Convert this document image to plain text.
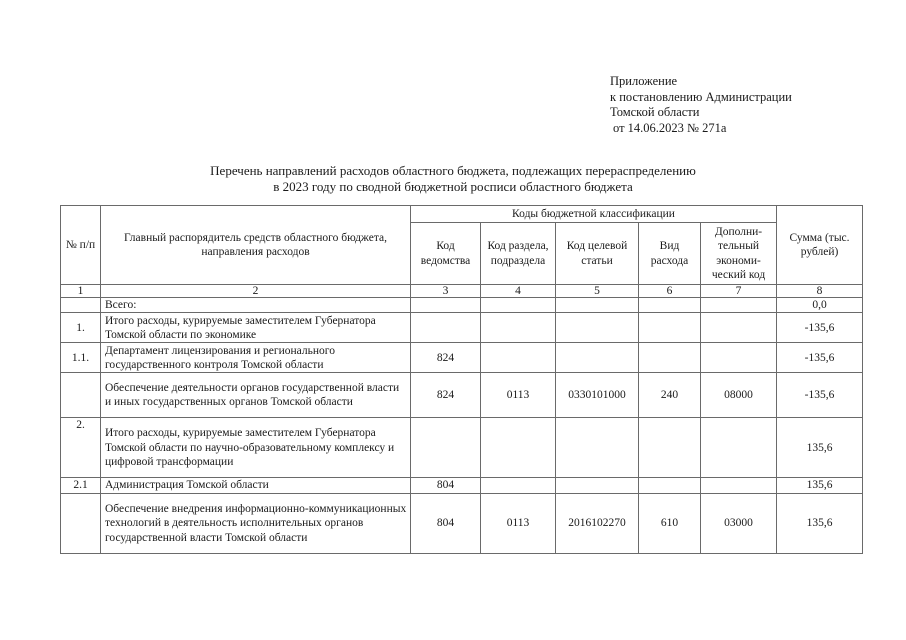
Приложение
к постановлению Администрации
Томской области
от 14.06.2023 № 271а
Перечень направлений расходов областного бюджета, подлежащих перераспределению
в 2023 году по сводной бюджетной росписи областного бюджета
№ п/п	Главный распорядитель средств областного бюджета, направления расходов	Коды бюджетной классификации					Сумма (тыс. рублей)
		Код ведомства	Код раздела, подраздела	Код целевой статьи	Вид расхода	Дополни-тельный экономи-ческий код	
1	2	3	4	5	6	7	8
	Всего:						0,0
1.	Итого расходы, курируемые заместителем Губернатора Томской области по экономике						-135,6
1.1.	Департамент лицензирования и регионального государственного контроля Томской области	824					-135,6
	Обеспечение деятельности органов государственной власти и иных государственных органов Томской области	824	0113	0330101000	240	08000	-135,6
2.	Итого расходы, курируемые заместителем Губернатора Томской области по научно-образовательному комплексу и цифровой трансформации						135,6
2.1	Администрация Томской области	804					135,6
	Обеспечение внедрения информационно-коммуникационных технологий в деятельность исполнительных органов государственной власти Томской области	804	0113	2016102270	610	03000	135,6
